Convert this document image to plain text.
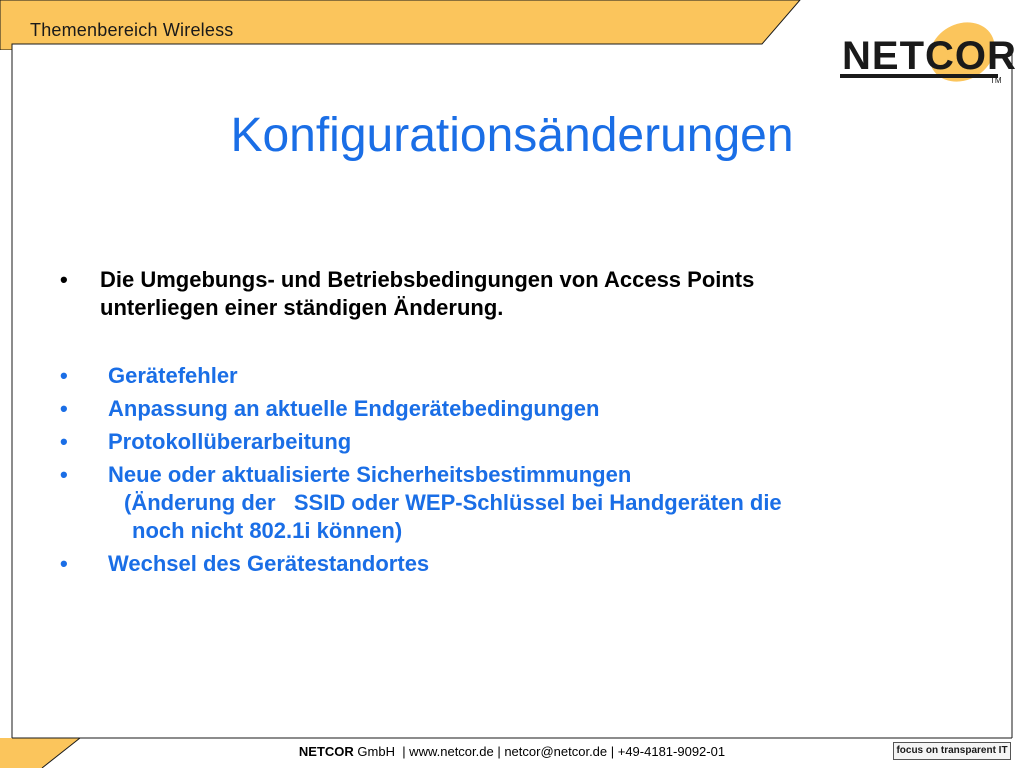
Themenbereich Wireless
NETCOR
TM
Konfigurationsänderungen
• Die Umgebungs- und Betriebsbedingungen von Access Points
unterliegen einer ständigen Änderung.
• Gerätefehler
• Anpassung an aktuelle Endgerätebedingungen
• Protokollüberarbeitung
• Neue oder aktualisierte Sicherheitsbestimmungen
(Änderung der   SSID oder WEP-Schlüssel bei Handgeräten die
noch nicht 802.1i können)
• Wechsel des Gerätestandortes
NETCOR GmbH  | www.netcor.de | netcor@netcor.de | +49-4181-9092-01	focus on transparent IT
